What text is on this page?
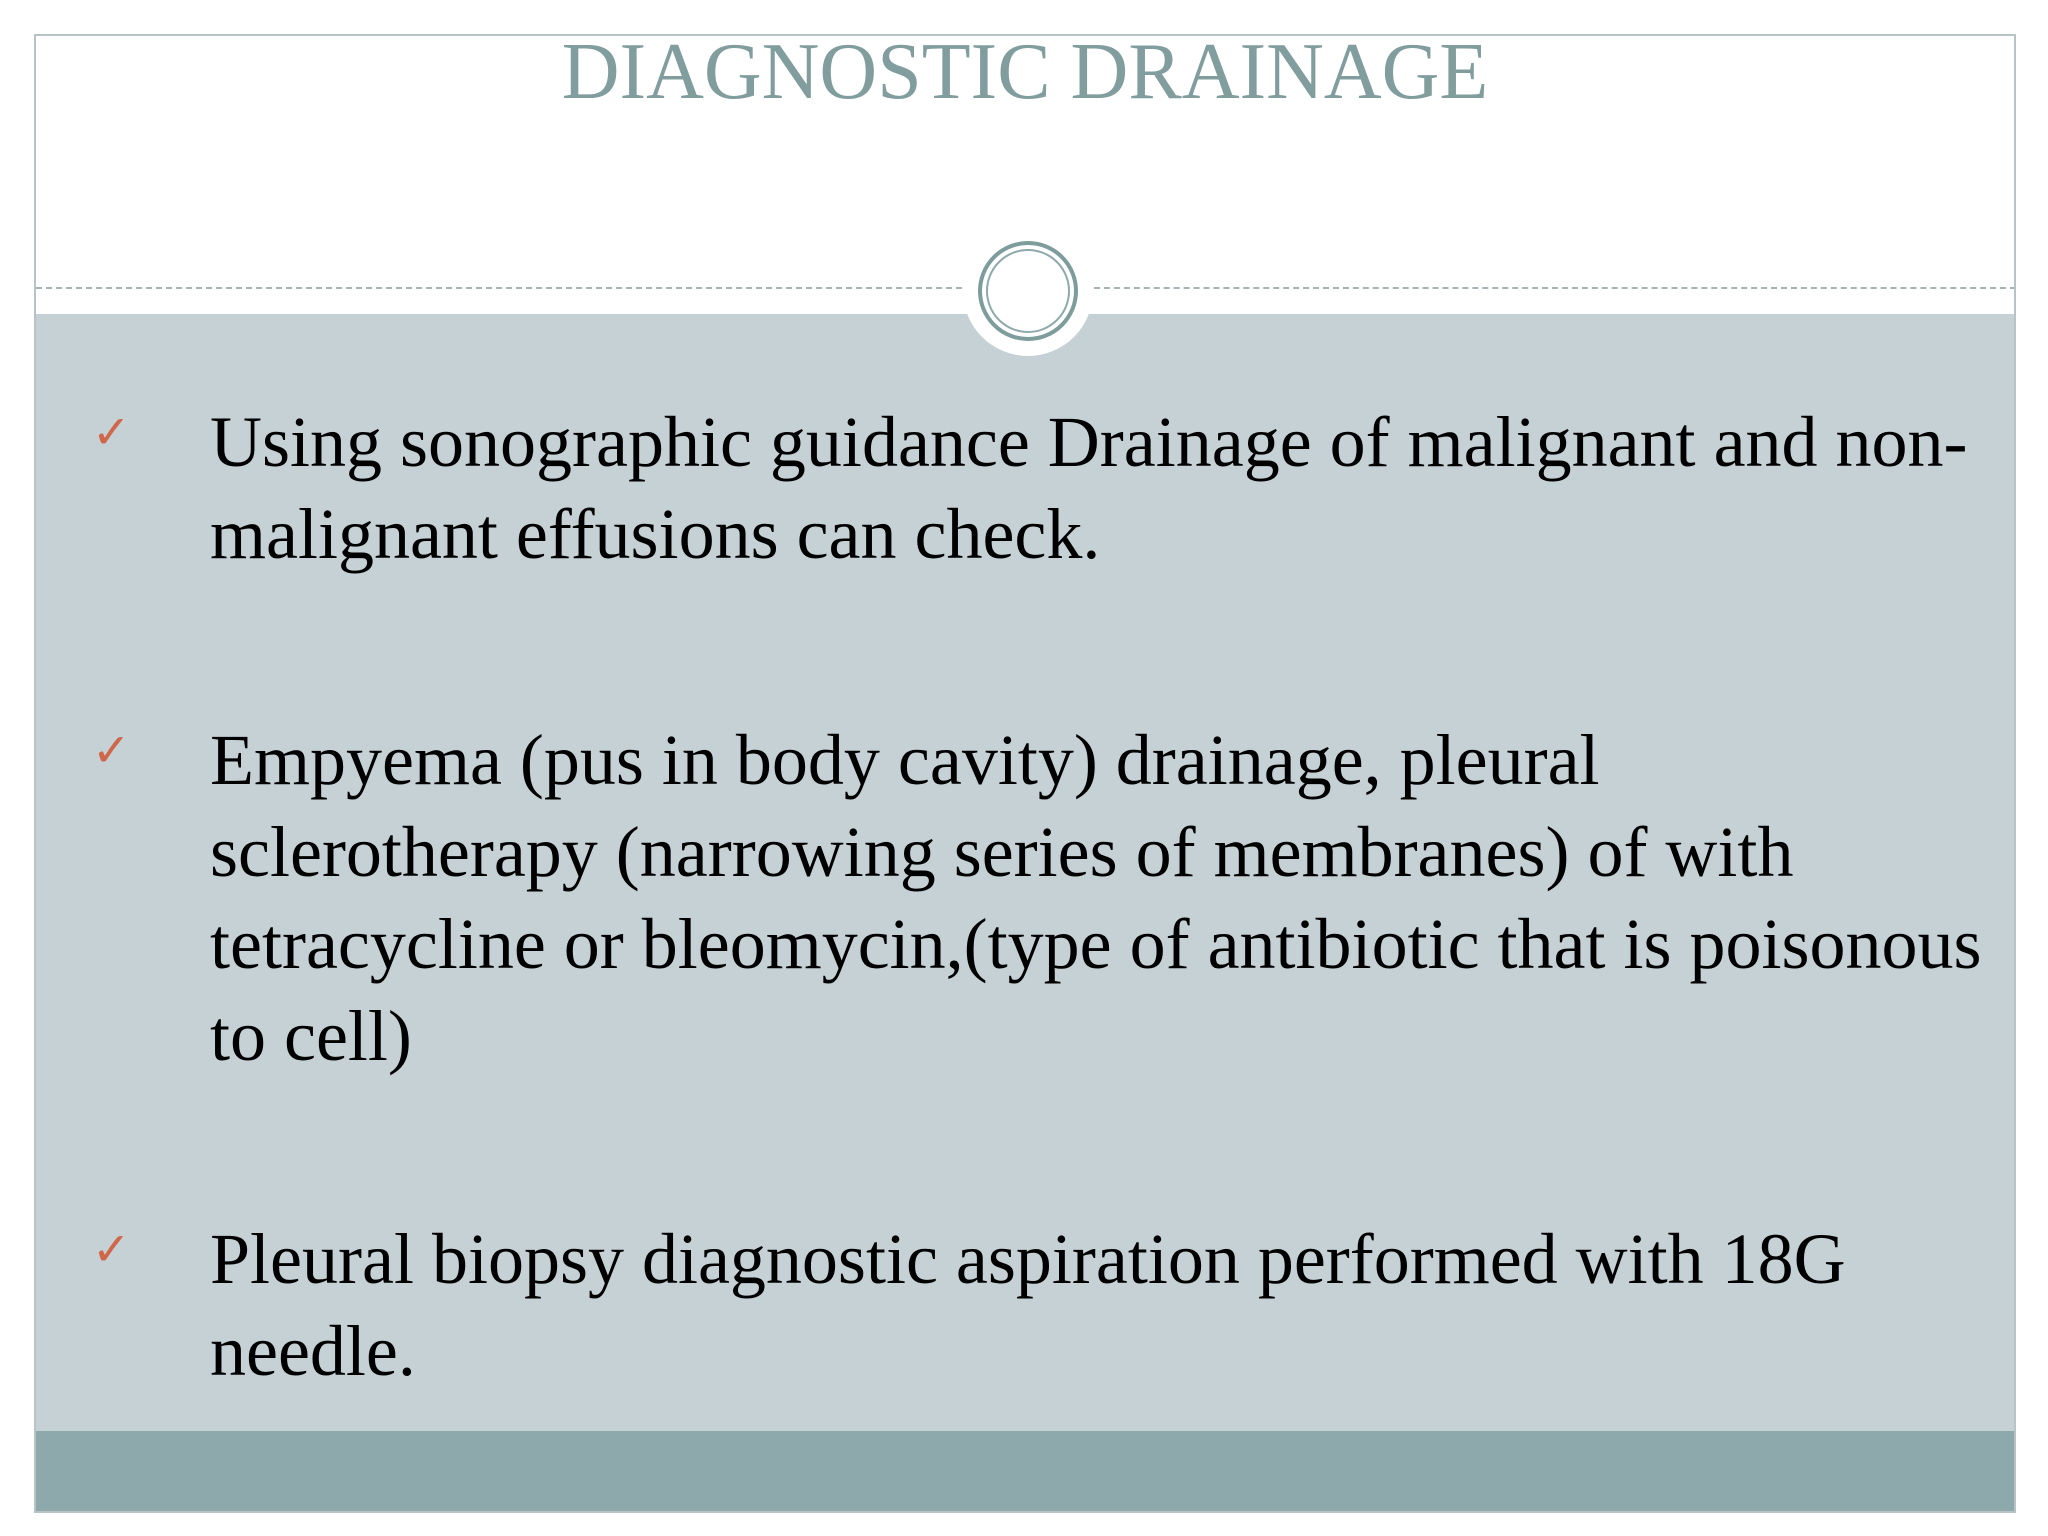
DIAGNOSTIC DRAINAGE
✓ Using sonographic guidance Drainage of malignant and non-malignant effusions can check.
✓ Empyema (pus in body cavity) drainage, pleural sclerotherapy (narrowing series of membranes) of with tetracycline or bleomycin,(type of antibiotic that is poisonous to cell)
✓ Pleural biopsy diagnostic aspiration performed with 18G needle.
